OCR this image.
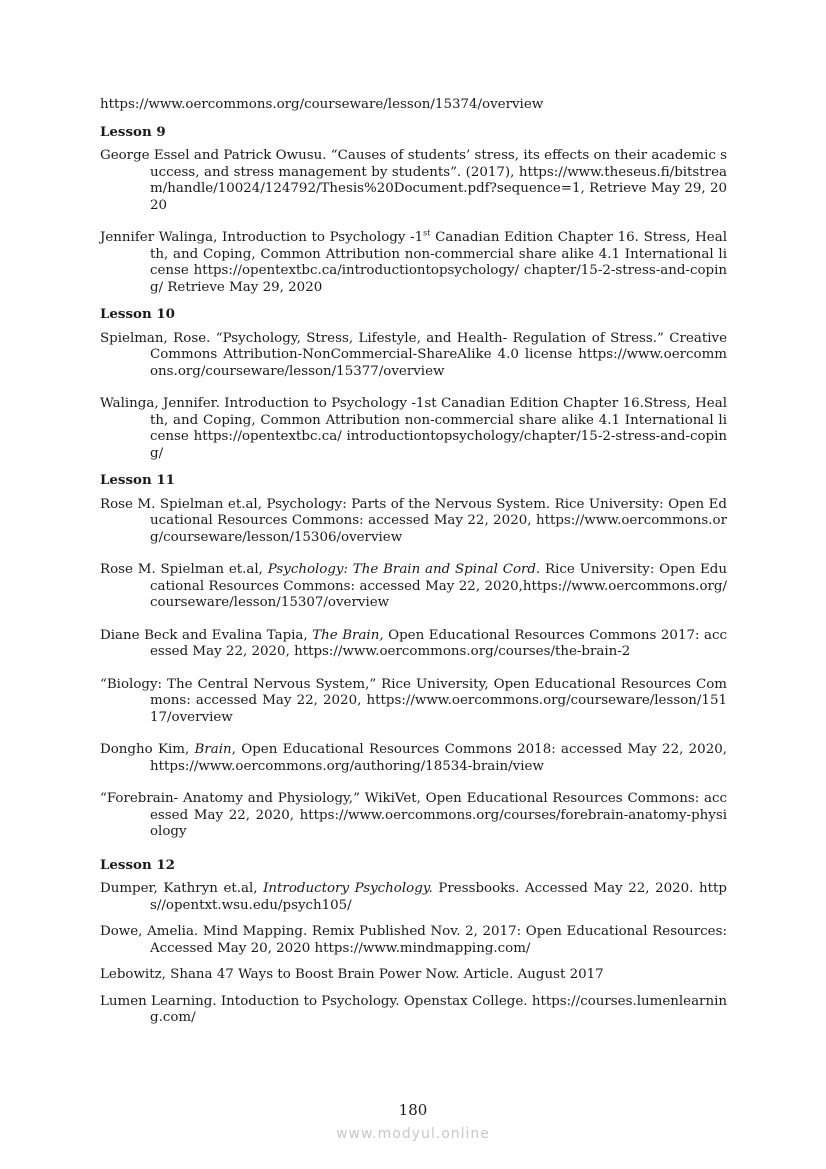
https://www.oercommons.org/courseware/lesson/15374/overview

Lesson 9

George Essel and Patrick Owusu. “Causes of students’ stress, its effects on their academic success, and stress management by students”. (2017), https://www.theseus.fi/bitstream/handle/10024/124792/Thesis%20Document.pdf?sequence=1, Retrieve May 29, 2020

Jennifer Walinga, Introduction to Psychology -1st Canadian Edition Chapter 16. Stress, Health, and Coping, Common Attribution non-commercial share alike 4.1 International license https://opentextbc.ca/introductiontopsychology/ chapter/15-2-stress-and-coping/ Retrieve May 29, 2020

Lesson 10

Spielman, Rose. “Psychology, Stress, Lifestyle, and Health- Regulation of Stress.” Creative Commons Attribution-NonCommercial-ShareAlike 4.0 license https://www.oercommons.org/courseware/lesson/15377/overview

Walinga, Jennifer. Introduction to Psychology -1st Canadian Edition Chapter 16.Stress, Health, and Coping, Common Attribution non-commercial share alike 4.1 International license https://opentextbc.ca/ introductiontopsychology/chapter/15-2-stress-and-coping/

Lesson 11

Rose M. Spielman et.al, Psychology: Parts of the Nervous System. Rice University: Open Educational Resources Commons: accessed May 22, 2020, https://www.oercommons.org/courseware/lesson/15306/overview

Rose M. Spielman et.al, Psychology: The Brain and Spinal Cord. Rice University: Open Educational Resources Commons: accessed May 22, 2020,https://www.oercommons.org/courseware/lesson/15307/overview

Diane Beck and Evalina Tapia, The Brain, Open Educational Resources Commons 2017: accessed May 22, 2020, https://www.oercommons.org/courses/the-brain-2

“Biology: The Central Nervous System,” Rice University, Open Educational Resources Commons: accessed May 22, 2020, https://www.oercommons.org/courseware/lesson/15117/overview

Dongho Kim, Brain, Open Educational Resources Commons 2018: accessed May 22, 2020, https://www.oercommons.org/authoring/18534-brain/view

“Forebrain- Anatomy and Physiology,” WikiVet, Open Educational Resources Commons: accessed May 22, 2020, https://www.oercommons.org/courses/forebrain-anatomy-physiology

Lesson 12

Dumper, Kathryn et.al, Introductory Psychology. Pressbooks. Accessed May 22, 2020. https//opentxt.wsu.edu/psych105/

Dowe, Amelia. Mind Mapping. Remix Published Nov. 2, 2017: Open Educational Resources: Accessed May 20, 2020 https://www.mindmapping.com/

Lebowitz, Shana 47 Ways to Boost Brain Power Now. Article. August 2017

Lumen Learning. Intoduction to Psychology. Openstax College. https://courses.lumenlearning.com/

180
www.modyul.online
